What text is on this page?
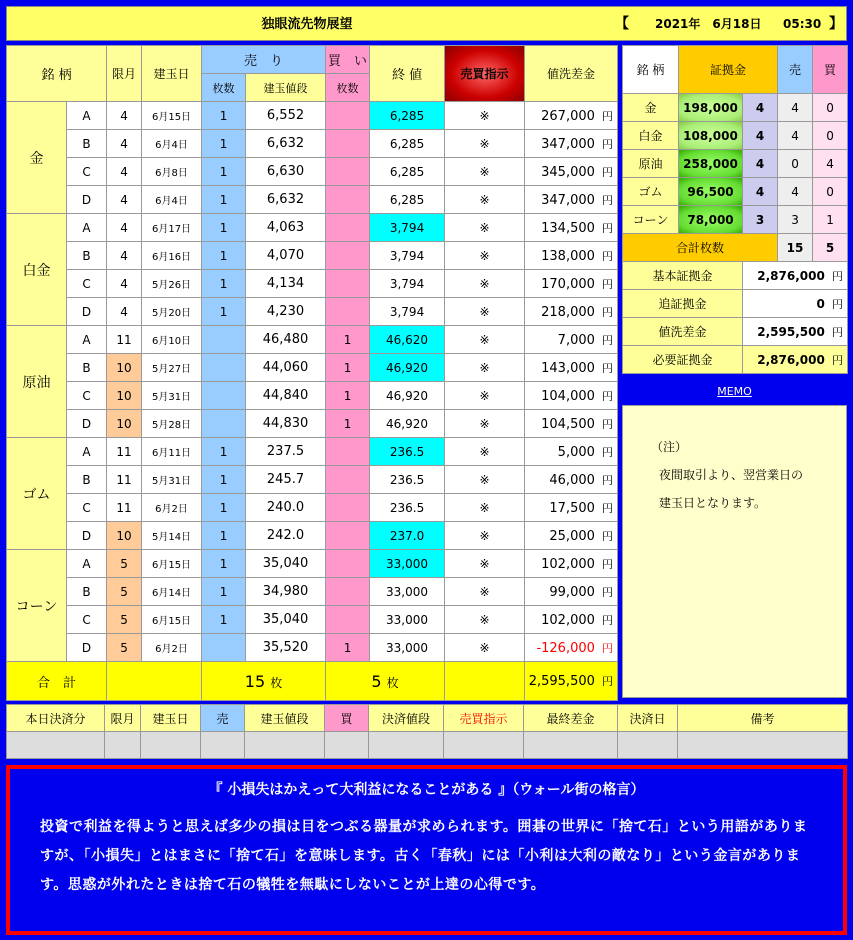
独眼流先物展望	【 2021年　6月18日 05:30 】
銘 柄		限月	建玉日	売　り		買　い	終 値	売買指示	値洗差金
				枚数	建玉値段	枚数			
金	A	4	6月15日	1	6,552		6,285	※	267,000 円
	B	4	6月4日	1	6,632		6,285	※	347,000 円
	C	4	6月8日	1	6,630		6,285	※	345,000 円
	D	4	6月4日	1	6,632		6,285	※	347,000 円
白金	A	4	6月17日	1	4,063		3,794	※	134,500 円
	B	4	6月16日	1	4,070		3,794	※	138,000 円
	C	4	5月26日	1	4,134		3,794	※	170,000 円
	D	4	5月20日	1	4,230		3,794	※	218,000 円
原油	A	11	6月10日		46,480	1	46,620	※	7,000 円
	B	10	5月27日		44,060	1	46,920	※	143,000 円
	C	10	5月31日		44,840	1	46,920	※	104,000 円
	D	10	5月28日		44,830	1	46,920	※	104,500 円
ゴム	A	11	6月11日	1	237.5		236.5	※	5,000 円
	B	11	5月31日	1	245.7		236.5	※	46,000 円
	C	11	6月2日	1	240.0		236.5	※	17,500 円
	D	10	5月14日	1	242.0		237.0	※	25,000 円
コーン	A	5	6月15日	1	35,040		33,000	※	102,000 円
	B	5	6月14日	1	34,980		33,000	※	99,000 円
	C	5	6月15日	1	35,040		33,000	※	102,000 円
	D	5	6月2日		35,520	1	33,000	※	-126,000 円
合　計				15 枚		5 枚			2,595,500 円
銘 柄	証拠金		売	買
金	198,000	4	4	0
白金	108,000	4	4	0
原油	258,000	4	0	4
ゴム	96,500	4	4	0
コーン	78,000	3	3	1
合計枚数			15	5
基本証拠金		2,876,000 円		
追証拠金		0 円		
値洗差金		2,595,500 円		
必要証拠金		2,876,000 円		
MEMO
（注）
夜間取引より、翌営業日の
建玉日となります。
本日決済分	限月	建玉日	売	建玉値段	買	決済値段	売買指示	最終差金	決済日	備考

『 小損失はかえって大利益になることがある 』（ウォール街の格言）
投資で利益を得ようと思えば多少の損は目をつぶる器量が求められます。囲碁の世界に「捨て石」という用語がありますが、「小損失」とはまさに「捨て石」を意味します。古く「春秋」には「小利は大利の敵なり」という金言があります。思惑が外れたときは捨て石の犠牲を無駄にしないことが上達の心得です。
